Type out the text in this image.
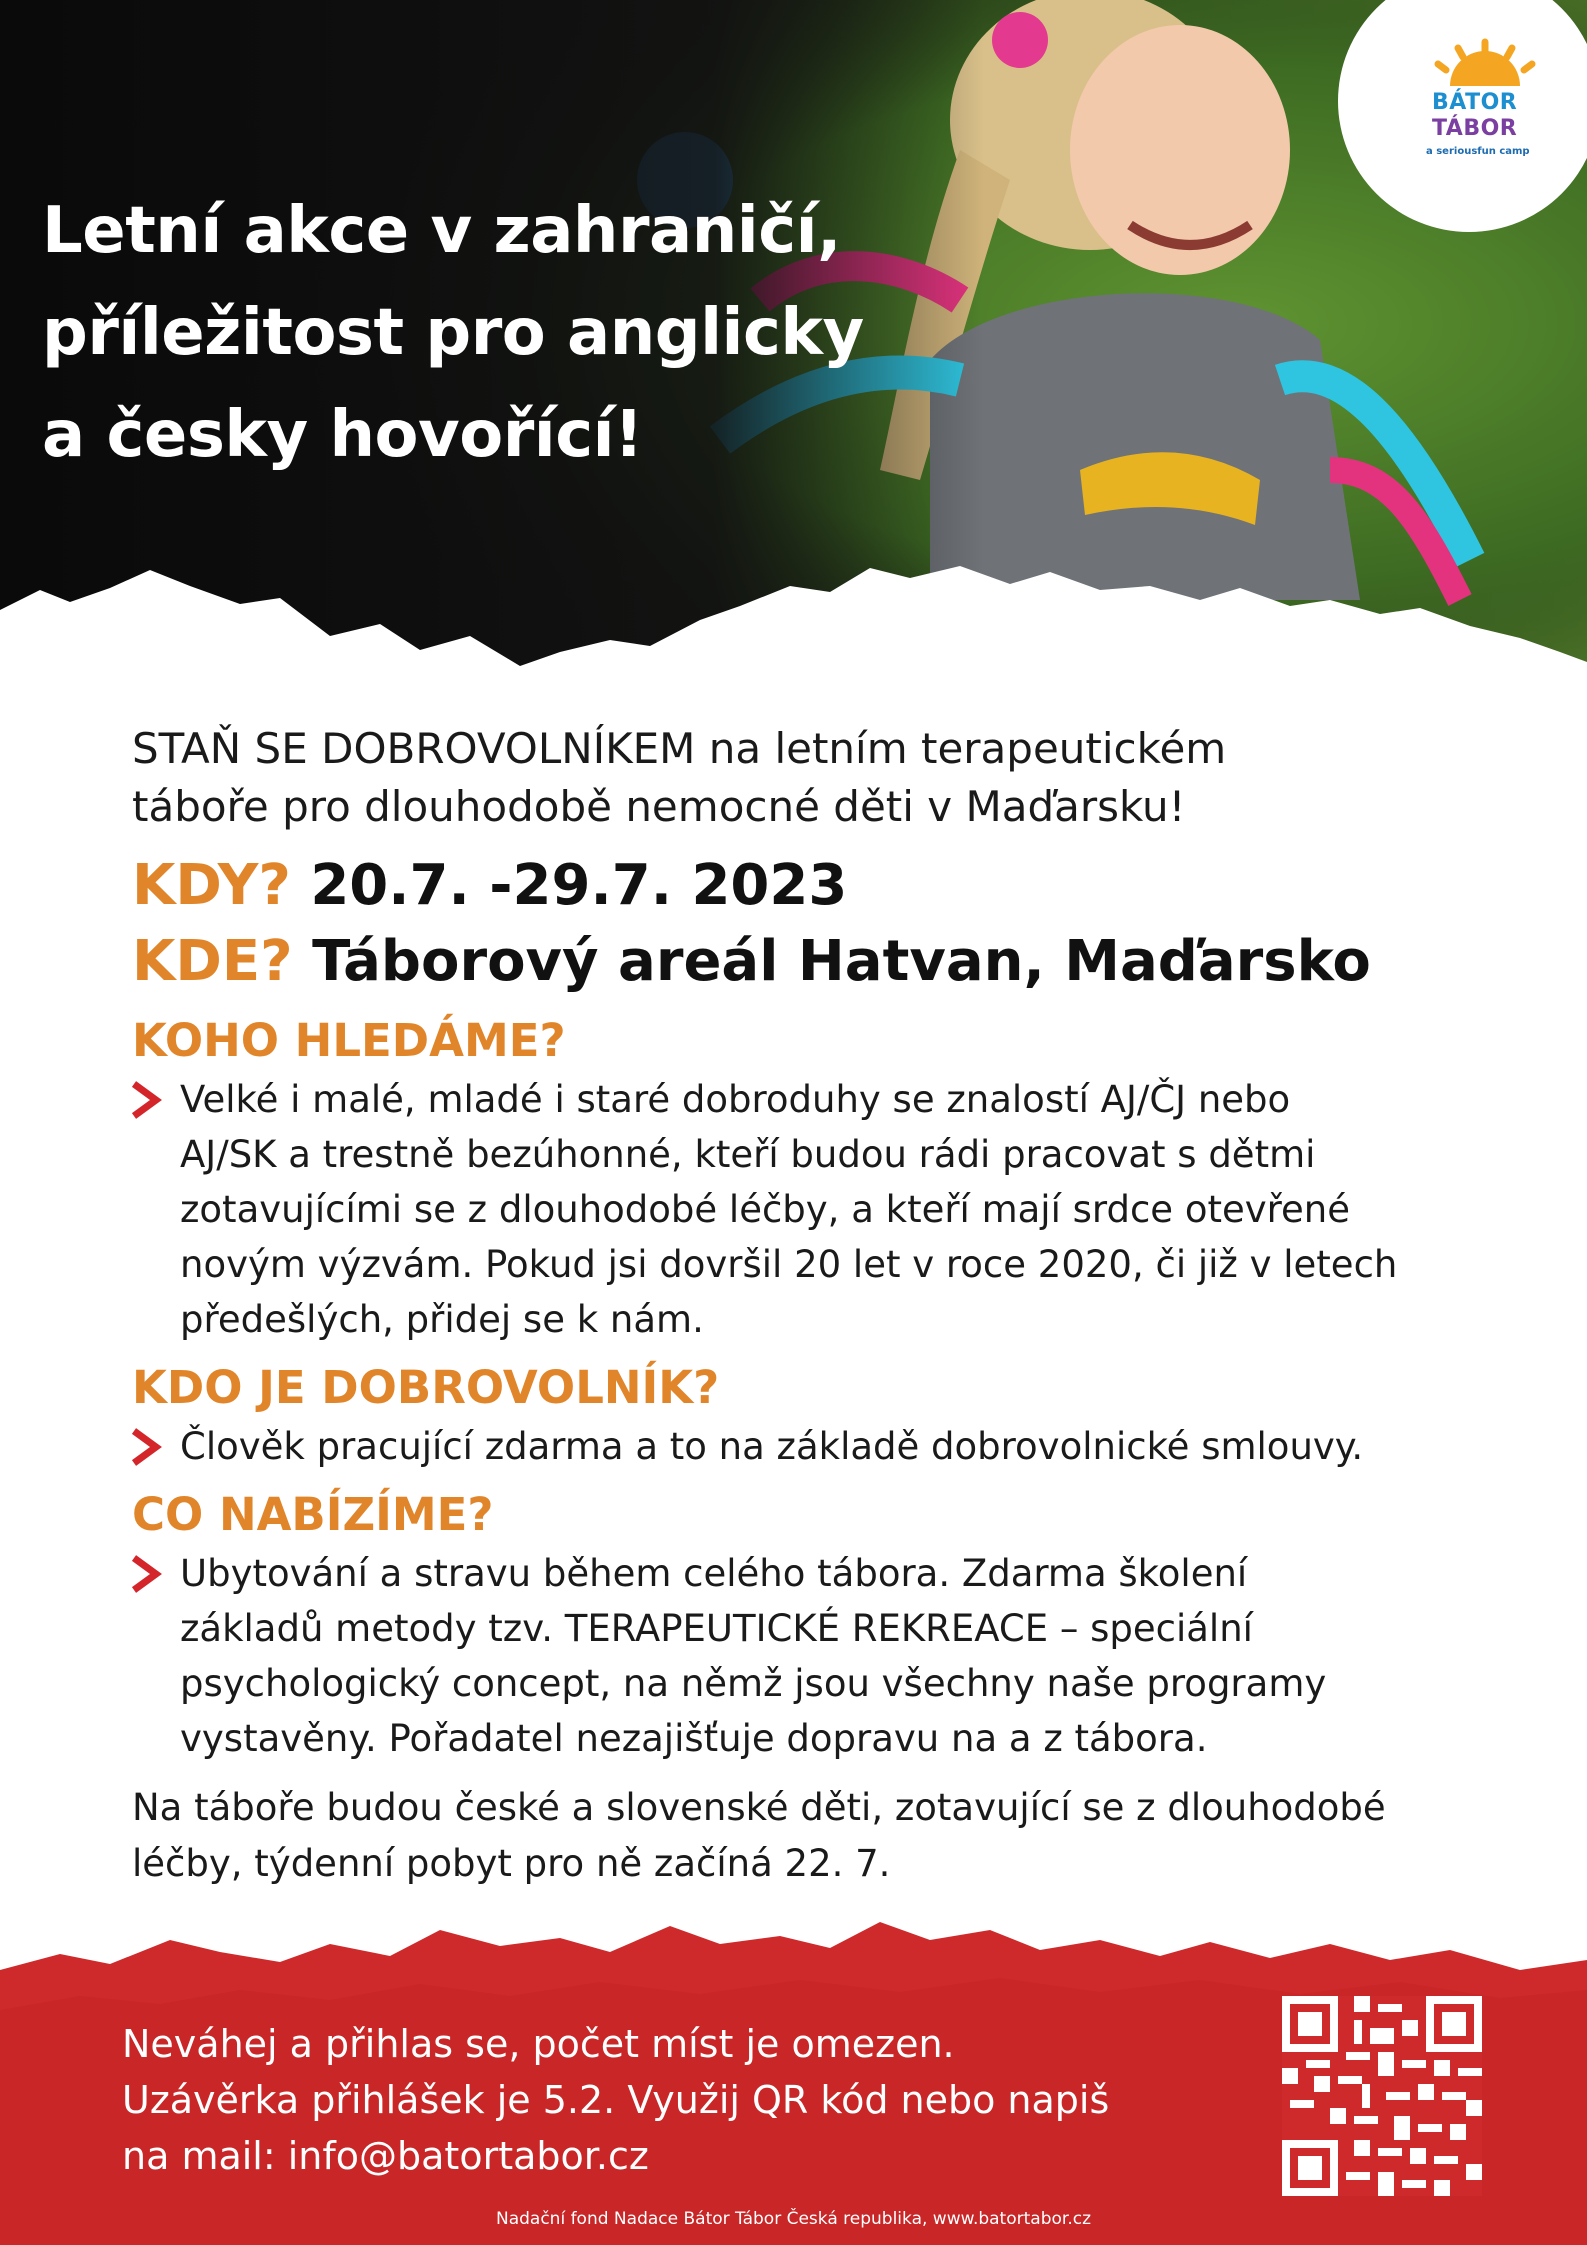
Letní akce v zahraničí,
příležitost pro anglicky
a česky hovořící!
BÁTOR
TÁBOR
a seriousfun camp

STAŇ SE DOBROVOLNÍKEM na letním terapeutickém
táboře pro dlouhodobě nemocné děti v Maďarsku!

KDY? 20.7. -29.7. 2023

KDE? Táborový areál Hatvan, Maďarsko

KOHO HLEDÁME?

Velké i malé, mladé i staré dobroduhy se znalostí AJ/ČJ nebo
AJ/SK a trestně bezúhonné, kteří budou rádi pracovat s dětmi
zotavujícími se z dlouhodobé léčby, a kteří mají srdce otevřené
novým výzvám. Pokud jsi dovršil 20 let v roce 2020, či již v letech
předešlých, přidej se k nám.

KDO JE DOBROVOLNÍK?

Člověk pracující zdarma a to na základě dobrovolnické smlouvy.

CO NABÍZÍME?

Ubytování a stravu během celého tábora. Zdarma školení
základů metody tzv. TERAPEUTICKÉ REKREACE – speciální
psychologický concept, na němž jsou všechny naše programy
vystavěny. Pořadatel nezajišťuje dopravu na a z tábora.

Na táboře budou české a slovenské děti, zotavující se z dlouhodobé
léčby, týdenní pobyt pro ně začíná 22. 7.

Neváhej a přihlas se, počet míst je omezen.
Uzávěrka přihlášek je 5.2. Využij QR kód nebo napiš
na mail: info@batortabor.cz

Nadační fond Nadace Bátor Tábor Česká republika, www.batortabor.cz
